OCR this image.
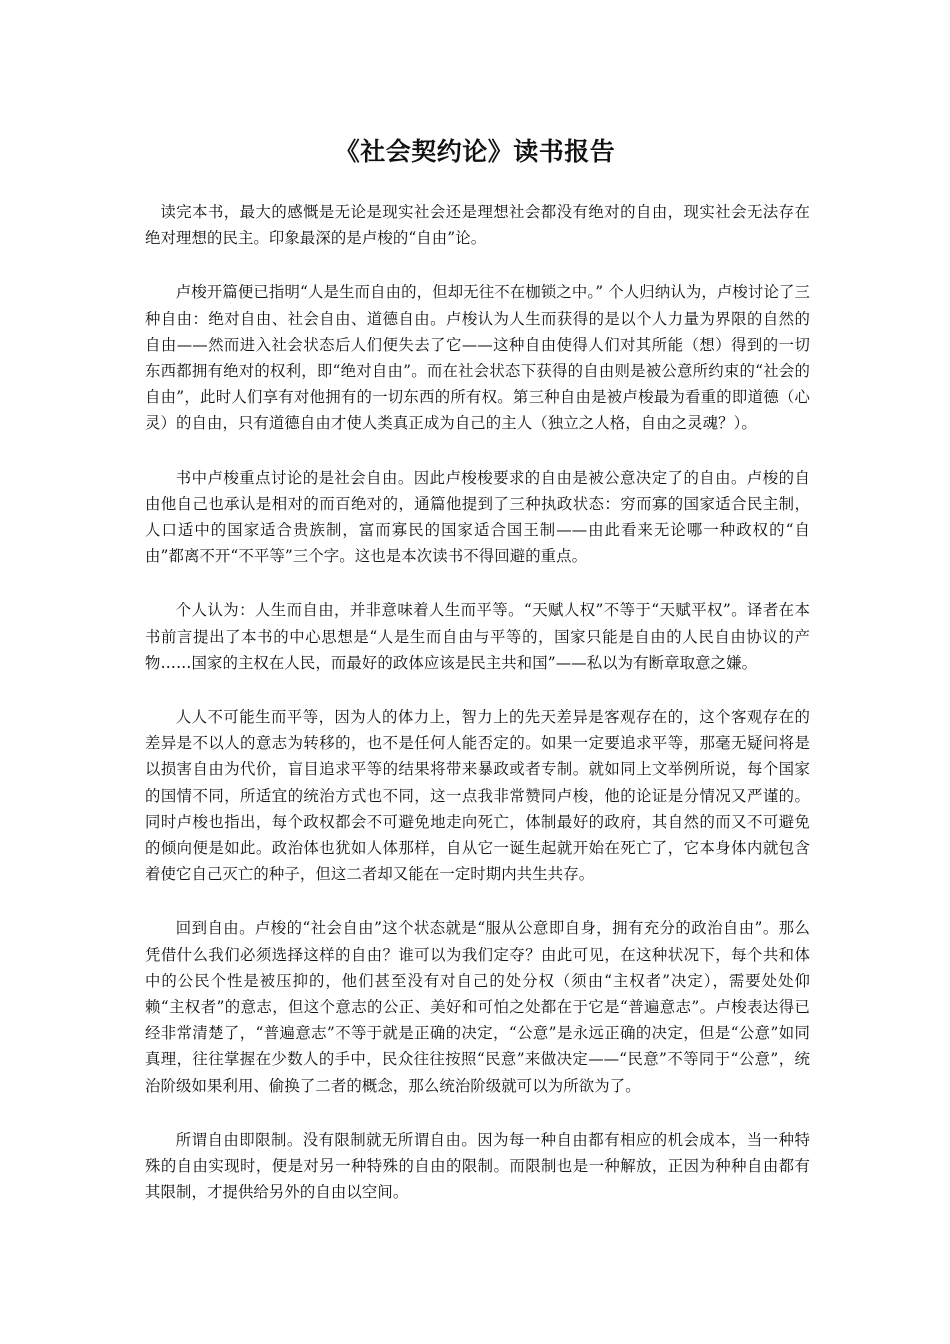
《社会契约论》读书报告

读完本书，最大的感慨是无论是现实社会还是理想社会都没有绝对的自由，现实社会无法存在绝对理想的民主。印象最深的是卢梭的“自由”论。

卢梭开篇便已指明“人是生而自由的，但却无往不在枷锁之中。” 个人归纳认为，卢梭讨论了三种自由：绝对自由、社会自由、道德自由。卢梭认为人生而获得的是以个人力量为界限的自然的自由——然而进入社会状态后人们便失去了它——这种自由使得人们对其所能（想）得到的一切东西都拥有绝对的权利，即“绝对自由”。而在社会状态下获得的自由则是被公意所约束的“社会的自由”，此时人们享有对他拥有的一切东西的所有权。第三种自由是被卢梭最为看重的即道德（心灵）的自由，只有道德自由才使人类真正成为自己的主人（独立之人格，自由之灵魂？）。

书中卢梭重点讨论的是社会自由。因此卢梭梭要求的自由是被公意决定了的自由。卢梭的自由他自己也承认是相对的而百绝对的，通篇他提到了三种执政状态：穷而寡的国家适合民主制，人口适中的国家适合贵族制，富而寡民的国家适合国王制——由此看来无论哪一种政权的“自由”都离不开“不平等”三个字。这也是本次读书不得回避的重点。

个人认为：人生而自由，并非意味着人生而平等。“天赋人权”不等于“天赋平权”。译者在本书前言提出了本书的中心思想是“人是生而自由与平等的，国家只能是自由的人民自由协议的产物……国家的主权在人民，而最好的政体应该是民主共和国”——私以为有断章取意之嫌。

人人不可能生而平等，因为人的体力上，智力上的先天差异是客观存在的，这个客观存在的差异是不以人的意志为转移的，也不是任何人能否定的。如果一定要追求平等，那毫无疑问将是以损害自由为代价，盲目追求平等的结果将带来暴政或者专制。就如同上文举例所说，每个国家的国情不同，所适宜的统治方式也不同，这一点我非常赞同卢梭，他的论证是分情况又严谨的。同时卢梭也指出，每个政权都会不可避免地走向死亡，体制最好的政府，其自然的而又不可避免的倾向便是如此。政治体也犹如人体那样，自从它一诞生起就开始在死亡了，它本身体内就包含着使它自己灭亡的种子，但这二者却又能在一定时期内共生共存。

回到自由。卢梭的“社会自由”这个状态就是“服从公意即自身，拥有充分的政治自由”。那么凭借什么我们必须选择这样的自由？谁可以为我们定夺？由此可见，在这种状况下，每个共和体中的公民个性是被压抑的，他们甚至没有对自己的处分权（须由“主权者”决定），需要处处仰赖“主权者”的意志，但这个意志的公正、美好和可怕之处都在于它是“普遍意志”。卢梭表达得已经非常清楚了，“普遍意志”不等于就是正确的决定，“公意”是永远正确的决定，但是“公意”如同真理，往往掌握在少数人的手中，民众往往按照“民意”来做决定——“民意”不等同于“公意”，统治阶级如果利用、偷换了二者的概念，那么统治阶级就可以为所欲为了。

所谓自由即限制。没有限制就无所谓自由。因为每一种自由都有相应的机会成本，当一种特殊的自由实现时，便是对另一种特殊的自由的限制。而限制也是一种解放，正因为种种自由都有其限制，才提供给另外的自由以空间。
